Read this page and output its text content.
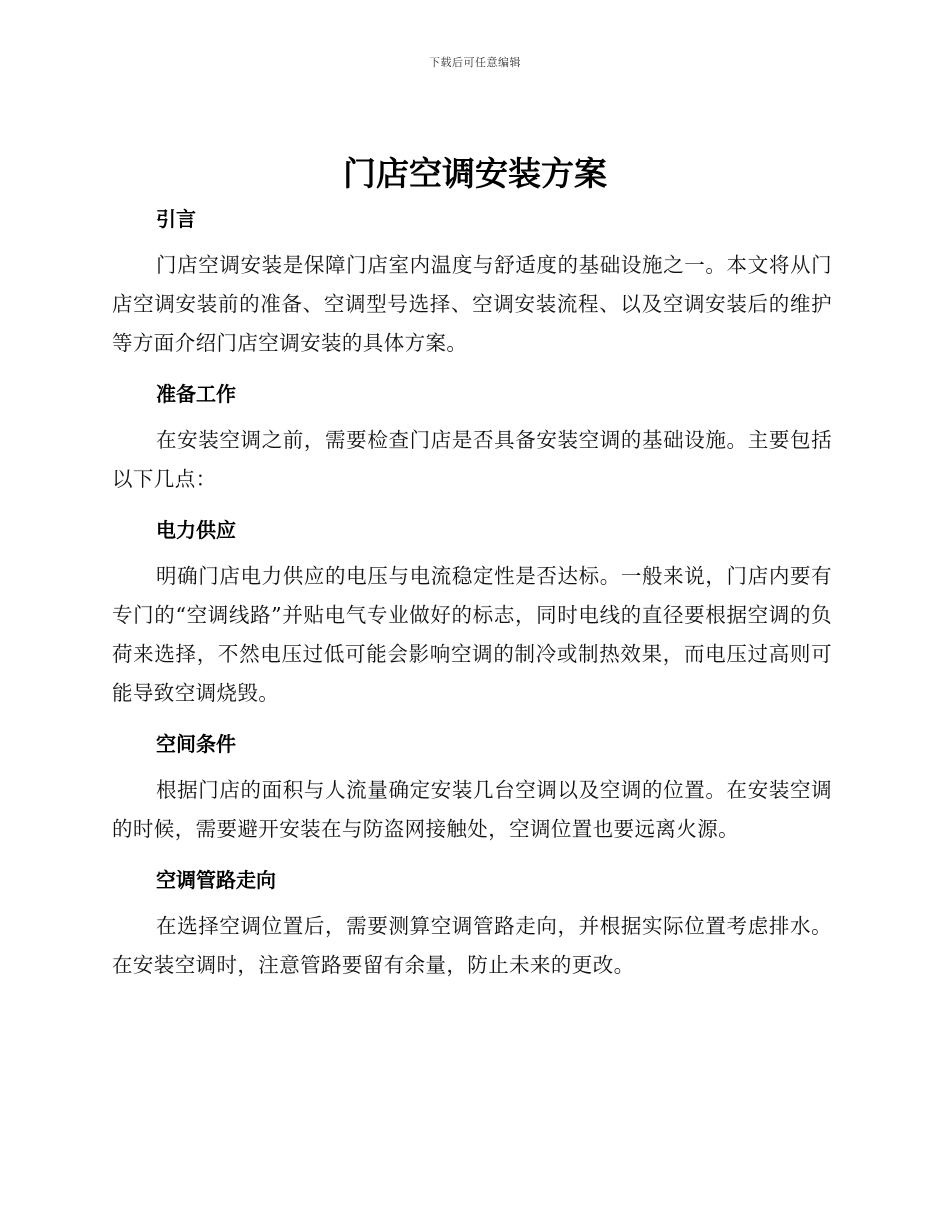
下载后可任意编辑
门店空调安装方案
引言

门店空调安装是保障门店室内温度与舒适度的基础设施之一。本文将从门店空调安装前的准备、空调型号选择、空调安装流程、以及空调安装后的维护等方面介绍门店空调安装的具体方案。

准备工作

在安装空调之前，需要检查门店是否具备安装空调的基础设施。主要包括以下几点：

电力供应

明确门店电力供应的电压与电流稳定性是否达标。一般来说，门店内要有专门的“空调线路”并贴电气专业做好的标志，同时电线的直径要根据空调的负荷来选择，不然电压过低可能会影响空调的制冷或制热效果，而电压过高则可能导致空调烧毁。

空间条件

根据门店的面积与人流量确定安装几台空调以及空调的位置。在安装空调的时候，需要避开安装在与防盗网接触处，空调位置也要远离火源。

空调管路走向

在选择空调位置后，需要测算空调管路走向，并根据实际位置考虑排水。在安装空调时，注意管路要留有余量，防止未来的更改。
